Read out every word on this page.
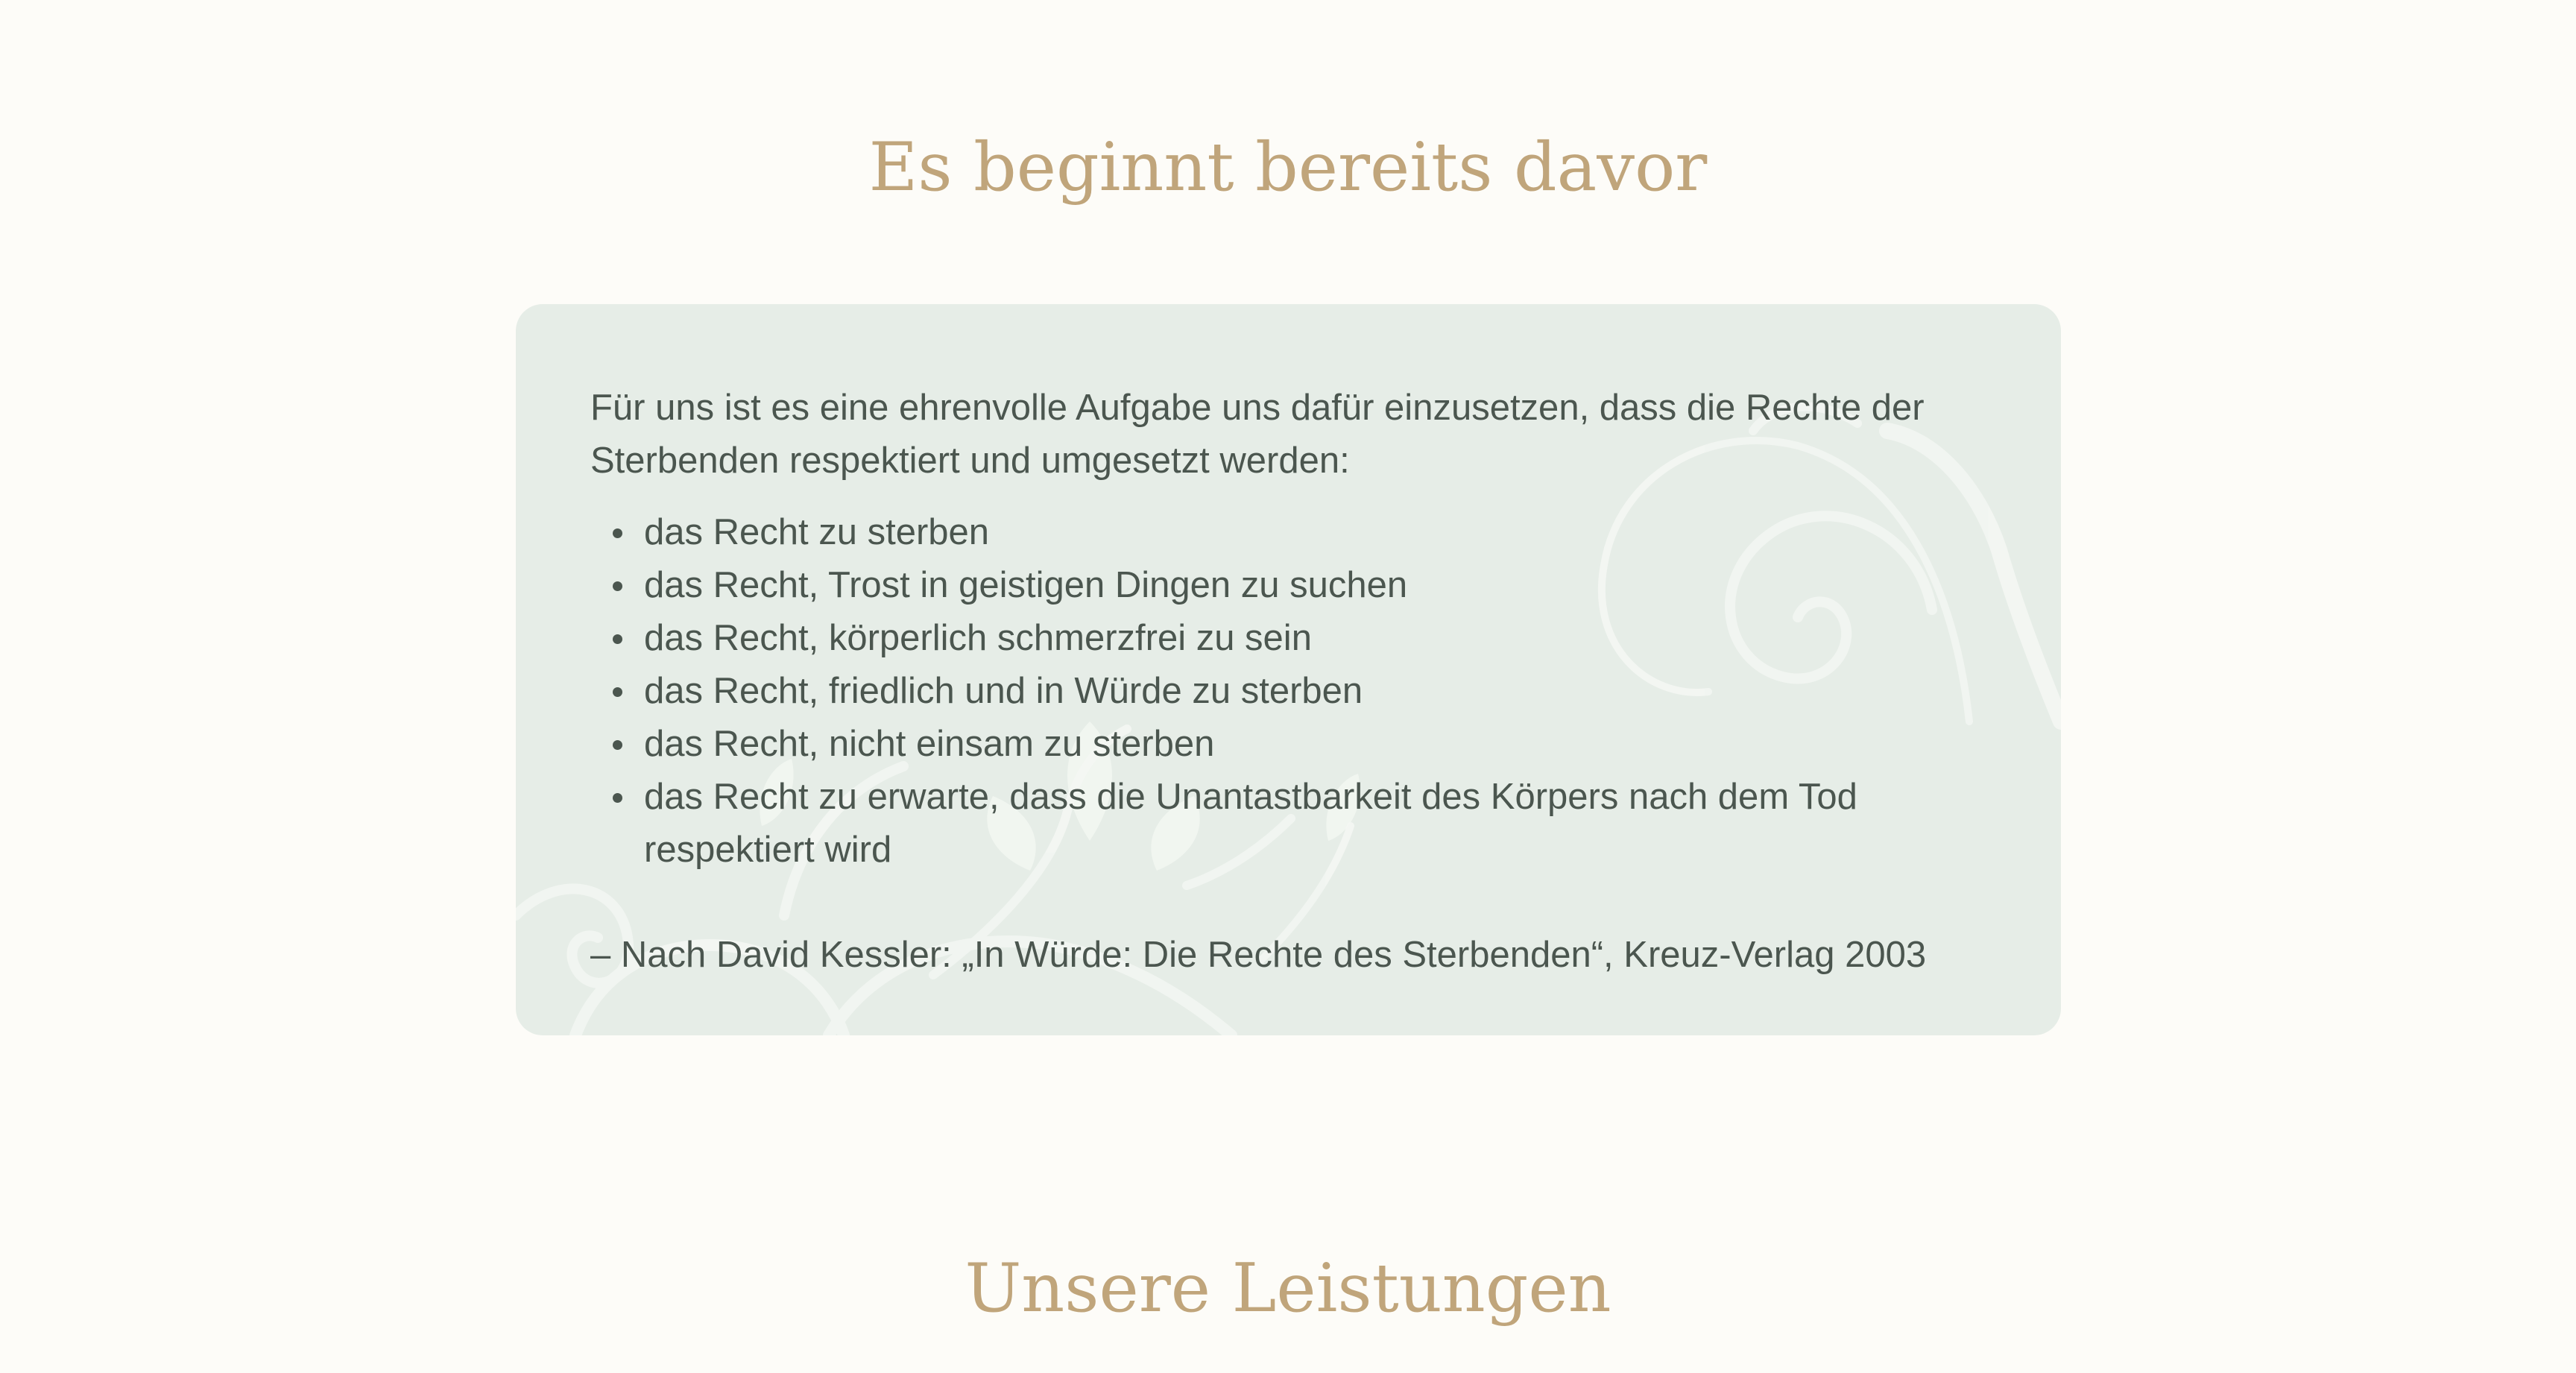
Es beginnt bereits davor

Für uns ist es eine ehrenvolle Aufgabe uns dafür einzusetzen, dass die Rechte der Sterbenden respektiert und umgesetzt werden:

das Recht zu sterben
das Recht, Trost in geistigen Dingen zu suchen
das Recht, körperlich schmerzfrei zu sein
das Recht, friedlich und in Würde zu sterben
das Recht, nicht einsam zu sterben
das Recht zu erwarte, dass die Unantastbarkeit des Körpers nach dem Tod respektiert wird

– Nach David Kessler: „In Würde: Die Rechte des Sterbenden“, Kreuz-Verlag 2003

Unsere Leistungen
